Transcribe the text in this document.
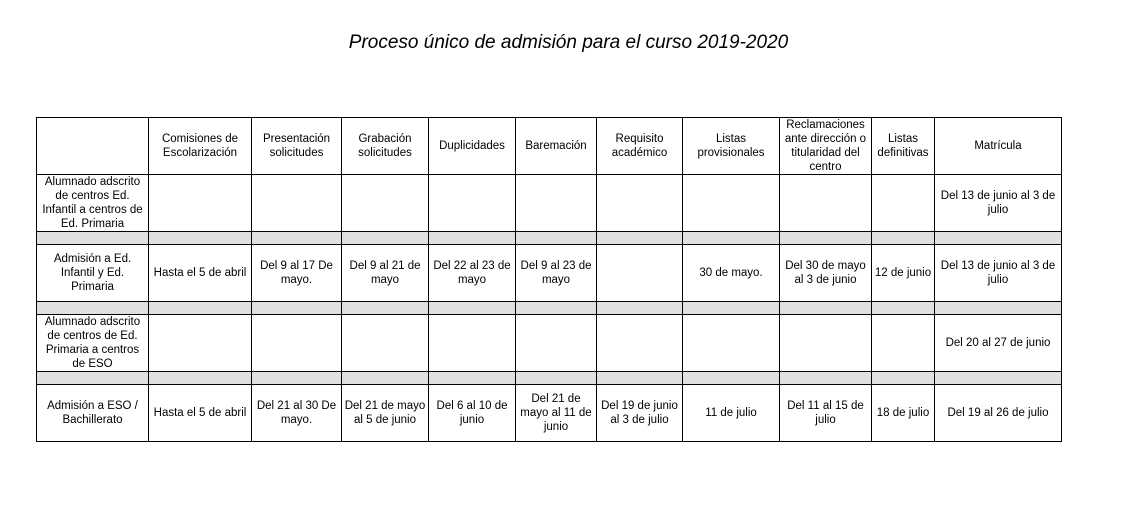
Proceso único de admisión para el curso 2019-2020
	Comisiones de Escolarización	Presentación solicitudes	Grabación solicitudes	Duplicidades	Baremación	Requisito académico	Listas provisionales	Reclamaciones ante dirección o titularidad del centro	Listas definitivas	Matrícula
Alumnado adscrito de centros Ed. Infantil a centros de Ed. Primaria										Del 13 de junio al 3 de julio

Admisión a Ed. Infantil y Ed. Primaria	Hasta el 5 de abril	Del 9 al 17 De mayo.	Del 9 al 21 de mayo	Del 22 al 23 de mayo	Del 9 al 23 de mayo		30 de mayo.	Del 30 de mayo al 3 de junio	12 de junio	Del 13 de junio al 3 de julio

Alumnado adscrito de centros de Ed. Primaria a centros de ESO										Del 20 al 27 de junio

Admisión a ESO / Bachillerato	Hasta el 5 de abril	Del 21 al 30 De mayo.	Del 21 de mayo al 5 de junio	Del 6 al 10 de junio	Del 21 de mayo al 11 de junio	Del 19 de junio al 3 de julio	11 de julio	Del 11 al 15 de julio	18 de julio	Del 19 al 26 de julio
